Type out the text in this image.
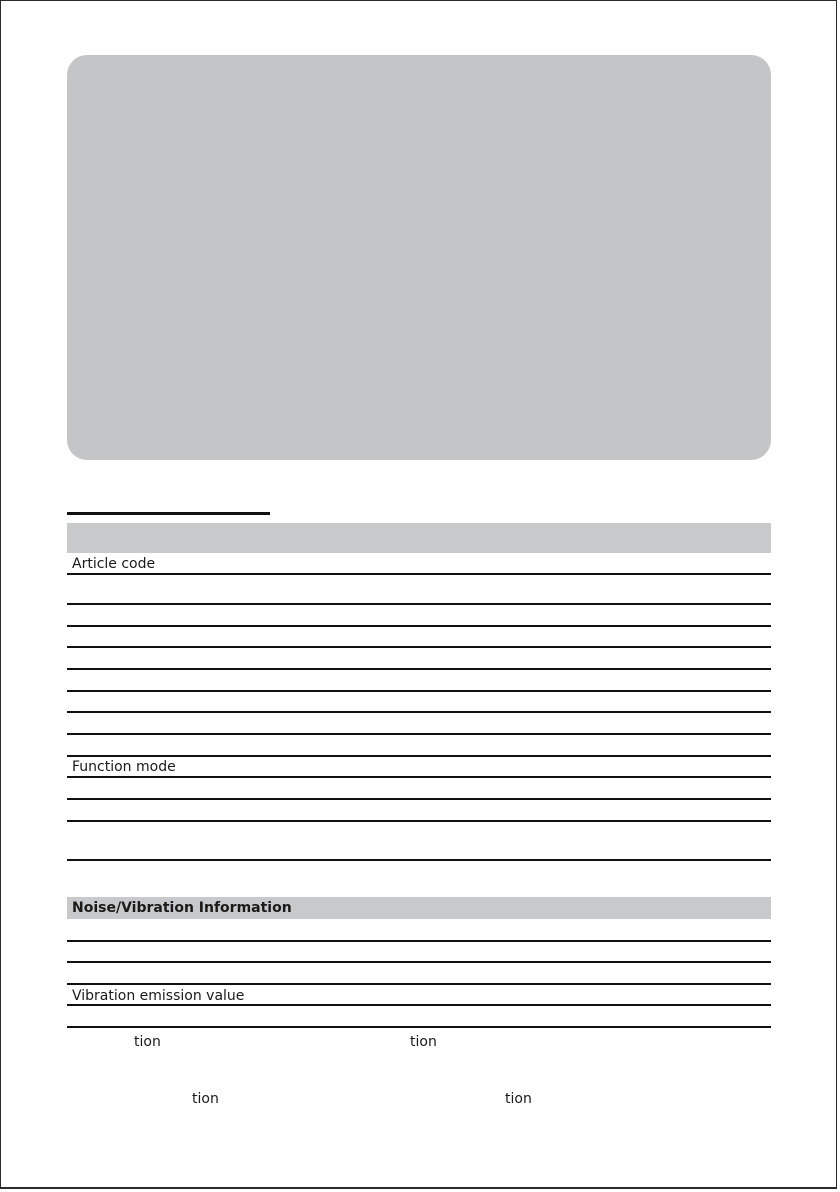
Article code
Function mode
Noise/Vibration Information
Vibration emission value
tion	tion
tion	tion
